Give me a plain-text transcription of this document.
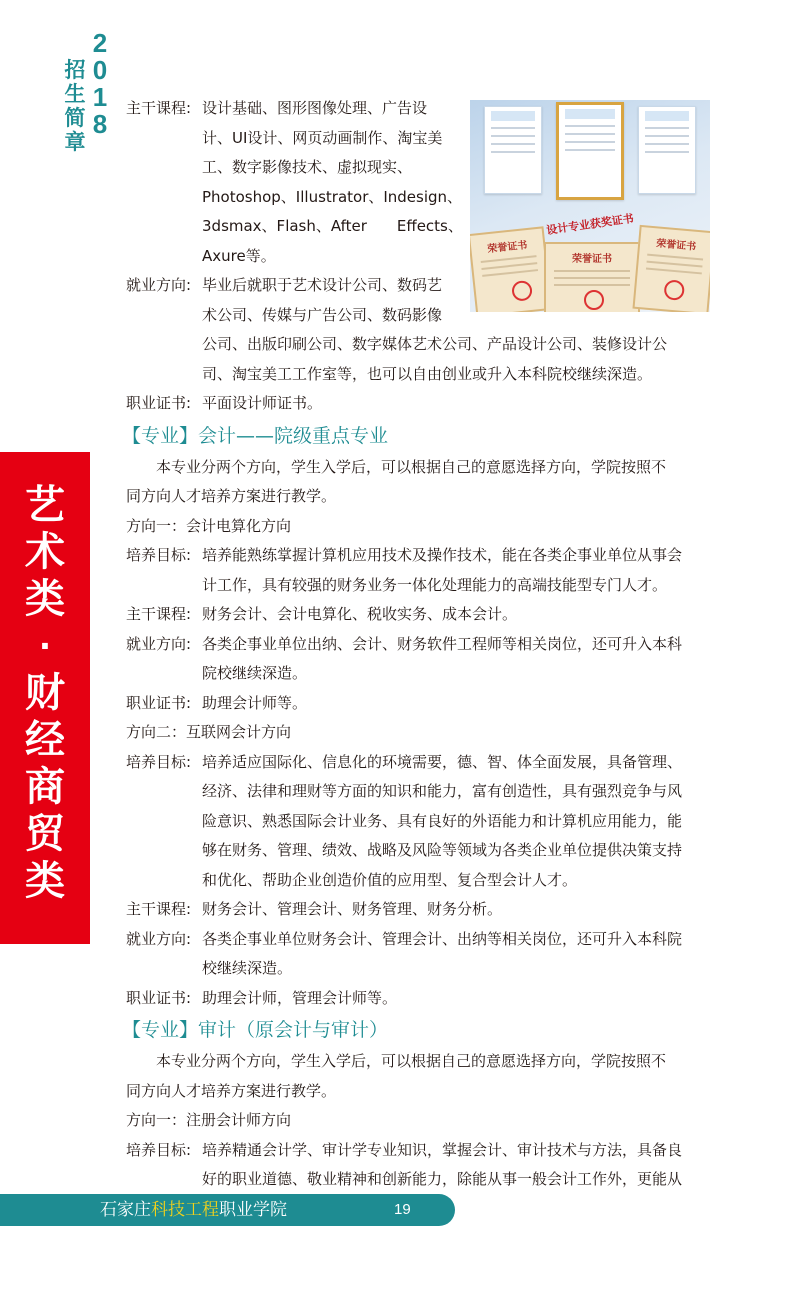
招
生
简
章
2
0
1
8
艺
术
类
·
财
经
商
贸
类
荣誉证书
荣誉证书
荣誉证书
设计专业获奖证书
主干课程: 设计基础、图形图像处理、广告设
计、UI设计、网页动画制作、淘宝美
工、数字影像技术、虚拟现实、
Photoshop、Illustrator、Indesign、
3dsmax、Flash、After　　Effects、
Axure等。
就业方向: 毕业后就职于艺术设计公司、数码艺
术公司、传媒与广告公司、数码影像
公司、出版印刷公司、数字媒体艺术公司、产品设计公司、装修设计公
司、淘宝美工工作室等，也可以自由创业或升入本科院校继续深造。
职业证书: 平面设计师证书。
【专业】会计——院级重点专业
本专业分两个方向，学生入学后，可以根据自己的意愿选择方向，学院按照不
同方向人才培养方案进行教学。
方向一：会计电算化方向
培养目标: 培养能熟练掌握计算机应用技术及操作技术，能在各类企事业单位从事会
计工作，具有较强的财务业务一体化处理能力的高端技能型专门人才。
主干课程: 财务会计、会计电算化、税收实务、成本会计。
就业方向: 各类企事业单位出纳、会计、财务软件工程师等相关岗位，还可升入本科
院校继续深造。
职业证书: 助理会计师等。
方向二：互联网会计方向
培养目标: 培养适应国际化、信息化的环境需要，德、智、体全面发展，具备管理、
经济、法律和理财等方面的知识和能力，富有创造性，具有强烈竞争与风
险意识、熟悉国际会计业务、具有良好的外语能力和计算机应用能力，能
够在财务、管理、绩效、战略及风险等领域为各类企业单位提供决策支持
和优化、帮助企业创造价值的应用型、复合型会计人才。
主干课程: 财务会计、管理会计、财务管理、财务分析。
就业方向: 各类企事业单位财务会计、管理会计、出纳等相关岗位，还可升入本科院
校继续深造。
职业证书: 助理会计师，管理会计师等。
【专业】审计（原会计与审计）
本专业分两个方向，学生入学后，可以根据自己的意愿选择方向，学院按照不
同方向人才培养方案进行教学。
方向一：注册会计师方向
培养目标: 培养精通会计学、审计学专业知识，掌握会计、审计技术与方法，具备良
好的职业道德、敬业精神和创新能力，除能从事一般会计工作外，更能从
石家庄科技工程职业学院	19
